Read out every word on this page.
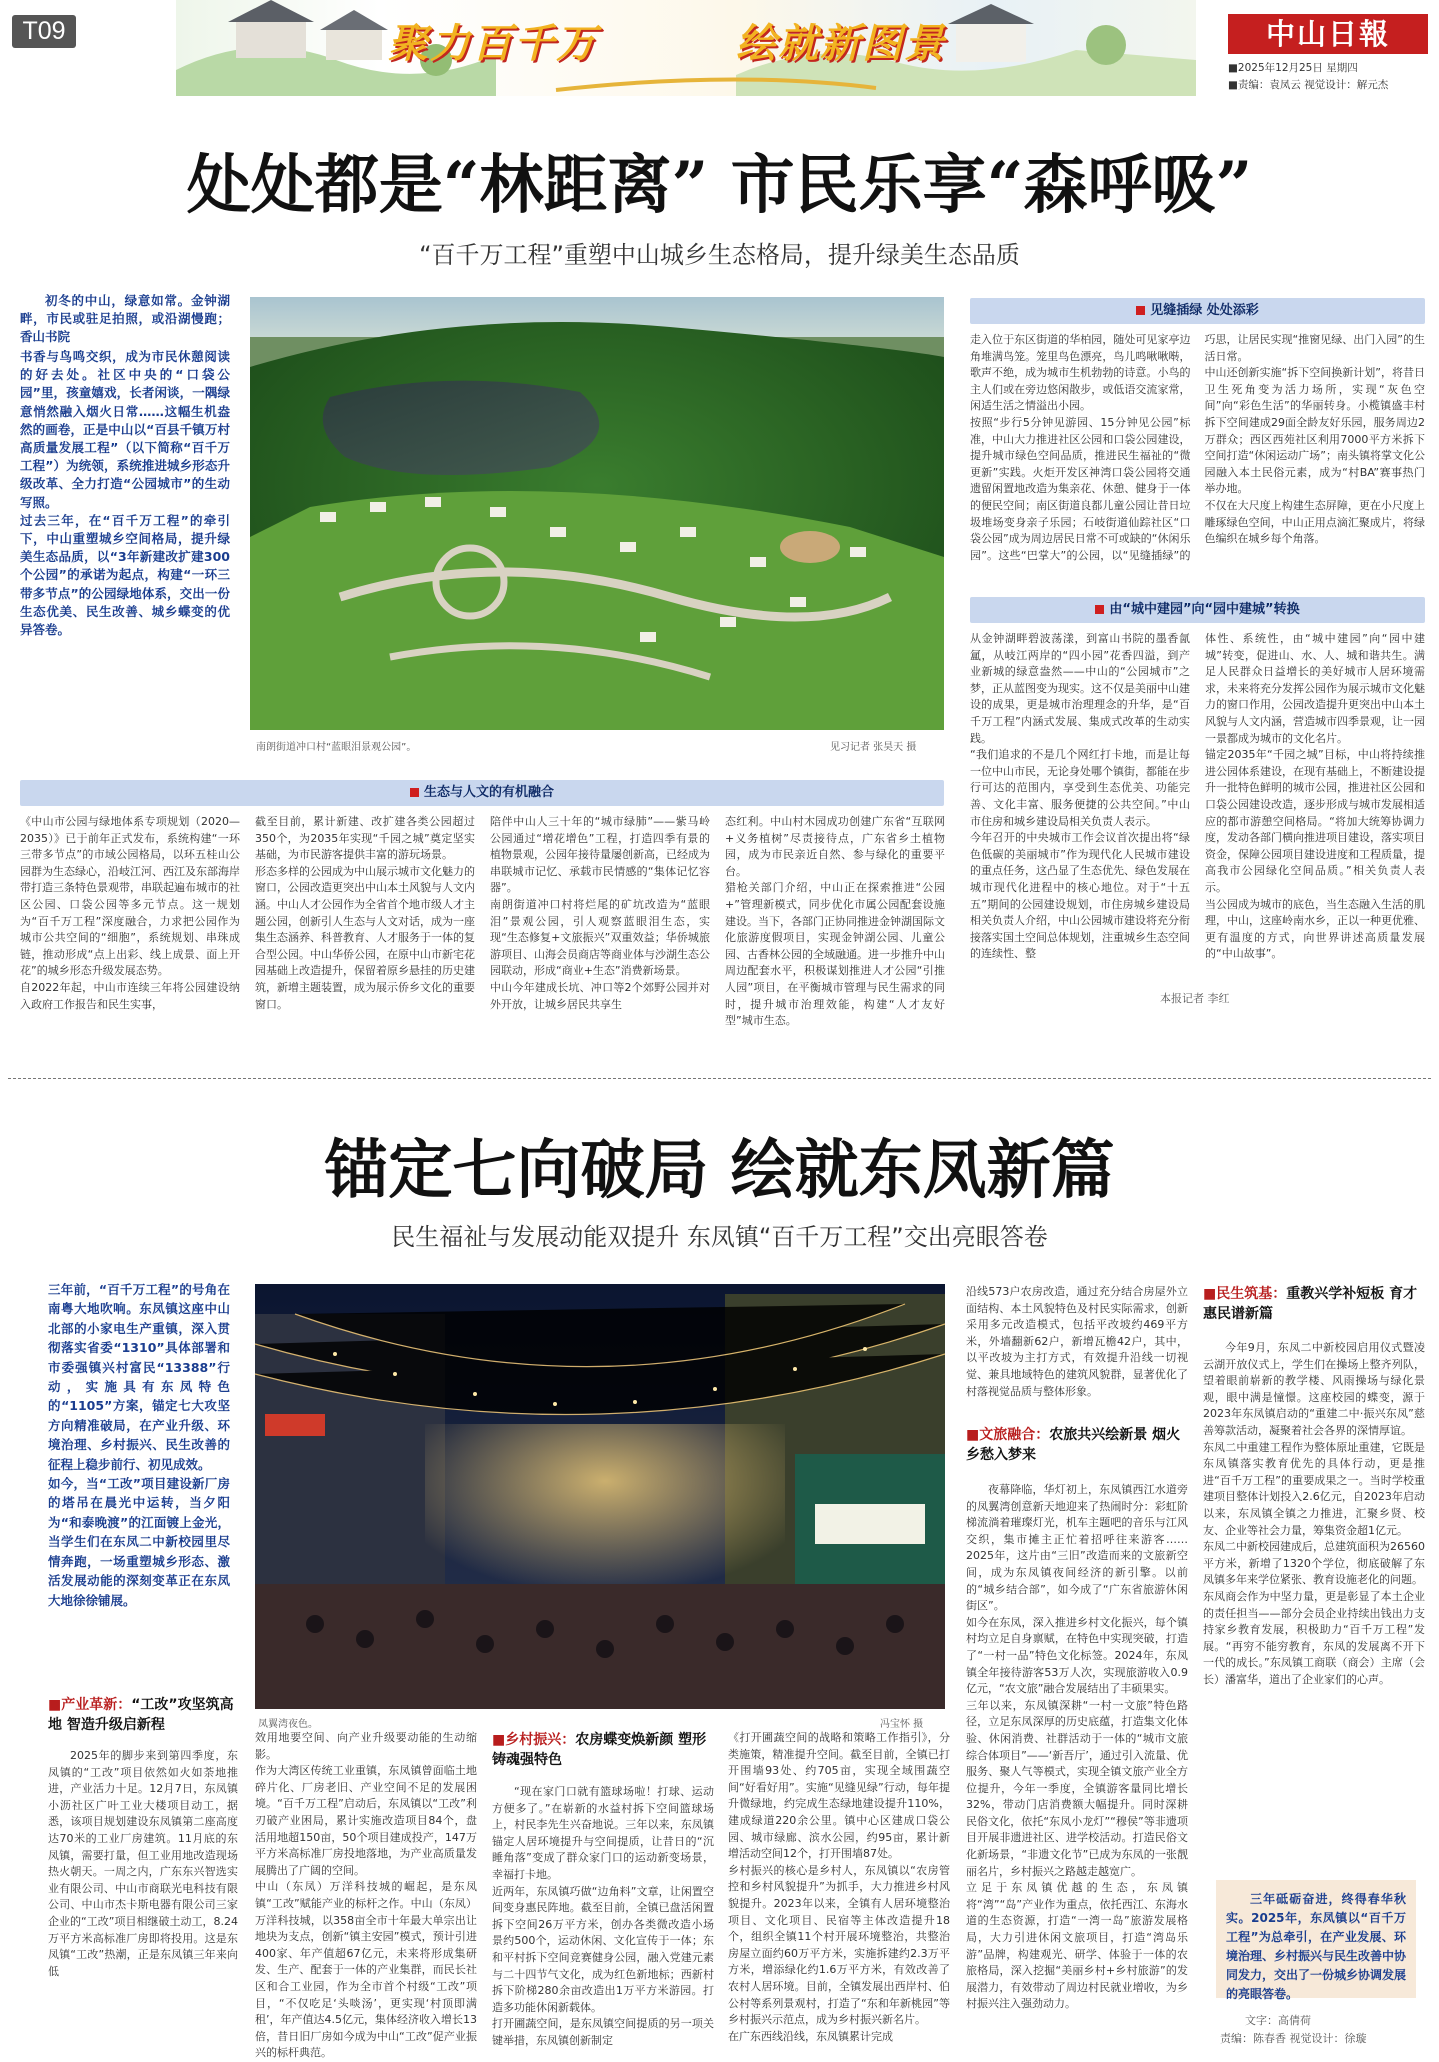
T09	聚力百千万	绘就新图景	中山日報
■2025年12月25日 星期四
■责编：袁凤云 视觉设计：解元杰
处处都是“林距离” 市民乐享“森呼吸”
“百千万工程”重塑中山城乡生态格局，提升绿美生态品质
初冬的中山，绿意如常。金钟湖畔，市民或驻足拍照，或沿湖慢跑；香山书院
书香与鸟鸣交织，成为市民休憩阅读的好去处。社区中央的“口袋公园”里，孩童嬉戏，长者闲谈，一隅绿意悄然融入烟火日常……这幅生机盎然的画卷，正是中山以“百县千镇万村高质量发展工程”（以下简称“百千万工程”）为统领，系统推进城乡形态升级改革、全力打造“公园城市”的生动写照。
过去三年，在“百千万工程”的牵引下，中山重塑城乡空间格局，提升绿美生态品质，以“3年新建改扩建300个公园”的承诺为起点，构建“一环三带多节点”的公园绿地体系，交出一份生态优美、民生改善、城乡蝶变的优异答卷。
南朗街道冲口村“蓝眼泪景观公园”。	见习记者 张昊天 摄
见缝插绿 处处添彩
走入位于东区街道的华柏园，随处可见家亭边角堆满鸟笼。笼里鸟色漂亮，鸟儿鸣啾啾啭，歌声不绝，成为城市生机勃勃的诗意。小鸟的主人们或在旁边悠闲散步，或低语交流家常，闲适生活之情溢出小园。
按照“步行5分钟见游园、15分钟见公园”标准，中山大力推进社区公园和口袋公园建设，提升城市绿色空间品质，推进民生福祉的“微更新”实践。火炬开发区神湾口袋公园将交通遗留闲置地改造为集亲花、休憩、健身于一体的便民空间；南区街道良都儿童公园让昔日垃圾堆场变身亲子乐园；石岐街道仙踪社区“口袋公园”成为周边居民日常不可或缺的“休闲乐园”。这些“巴掌大”的公园，以“见缝插绿”的巧思，让居民实现“推窗见绿、出门入园”的生活日常。
中山还创新实施“拆下空间换新计划”，将昔日卫生死角变为活力场所，实现“灰色空间”向“彩色生活”的华丽转身。小榄镇盛丰村拆下空间建成29面全龄友好乐园，服务周边2万群众；西区西苑社区利用7000平方米拆下空间打造“休闲运动广场”；南头镇将掌文化公园融入本土民俗元素，成为“村BA”赛事热门举办地。
不仅在大尺度上构建生态屏障，更在小尺度上雕琢绿色空间，中山正用点滴汇聚成片，将绿色编织在城乡每个角落。
由“城中建园”向“园中建城”转换
从金钟湖畔碧波荡漾，到富山书院的墨香氤氲，从岐江两岸的“四小园”花香四溢，到产业新城的绿意盎然——中山的“公园城市”之梦，正从蓝图变为现实。这不仅是美丽中山建设的成果，更是城市治理理念的升华，是“百千万工程”内涵式发展、集成式改革的生动实践。
“我们追求的不是几个网红打卡地，而是让每一位中山市民，无论身处哪个镇街，都能在步行可达的范围内，享受到生态优美、功能完善、文化丰富、服务便捷的公共空间。”中山市住房和城乡建设局相关负责人表示。
今年召开的中央城市工作会议首次提出将“绿色低碳的美丽城市”作为现代化人民城市建设的重点任务，这凸显了生态优先、绿色发展在城市现代化进程中的核心地位。对于“十五五”期间的公园建设规划，市住房城乡建设局相关负责人介绍，中山公园城市建设将充分衔接落实国土空间总体规划，注重城乡生态空间的连续性、整
体性、系统性，由“城中建园”向“园中建城”转变，促进山、水、人、城和谐共生。满足人民群众日益增长的美好城市人居环境需求，未来将充分发挥公园作为展示城市文化魅力的窗口作用，公园改造提升更突出中山本土风貌与人文内涵，营造城市四季景观，让一园一景都成为城市的文化名片。
锚定2035年“千园之城”目标，中山将持续推进公园体系建设，在现有基础上，不断建设提升一批特色鲜明的城市公园，推进社区公园和口袋公园建设改造，逐步形成与城市发展相适应的都市游憩空间格局。“将加大统筹协调力度，发动各部门横向推进项目建设，落实项目资金，保障公园项目建设进度和工程质量，提高我市公园绿化空间品质。”相关负责人表示。
当公园成为城市的底色，当生态融入生活的肌理，中山，这座岭南水乡，正以一种更优雅、更有温度的方式，向世界讲述高质量发展的“中山故事”。
生态与人文的有机融合
《中山市公园与绿地体系专项规划（2020—2035）》已于前年正式发布，系统构建“一环三带多节点”的市域公园格局，以环五桂山公园群为生态绿心，沿岐江河、西江及东部海岸带打造三条特色景观带，串联起遍布城市的社区公园、口袋公园等多元节点。这一规划为“百千万工程”深度融合，力求把公园作为城市公共空间的“细胞”，系统规划、串珠成链，推动形成“点上出彩、线上成景、面上开花”的城乡形态升级发展态势。
自2022年起，中山市连续三年将公园建设纳入政府工作报告和民生实事，
截至目前，累计新建、改扩建各类公园超过350个，为2035年实现“千园之城”奠定坚实基础，为市民游客提供丰富的游玩场景。
形态多样的公园成为中山展示城市文化魅力的窗口，公园改造更突出中山本土风貌与人文内涵。中山人才公园作为全省首个地市级人才主题公园，创新引人生态与人文对话，成为一座集生态涵养、科普教育、人才服务于一体的复合型公园。中山华侨公园，在原中山市新宅花园基础上改造提升，保留着原乡悬挂的历史建筑，新增主题装置，成为展示侨乡文化的重要窗口。
陪伴中山人三十年的“城市绿肺”——紫马岭公园通过“增花增色”工程，打造四季有景的植物景观，公园年接待量屡创新高，已经成为串联城市记忆、承载市民情感的“集体记忆容器”。
南朗街道冲口村将烂尾的矿坑改造为“蓝眼泪”景观公园，引人观察蓝眼泪生态，实现“生态修复+文旅振兴”双重效益；华侨城旅游项目、山海会员商店等商业体与沙湖生态公园联动，形成“商业+生态”消费新场景。
中山今年建成长坑、冲口等2个郊野公园并对外开放，让城乡居民共享生
态红利。中山村木园成功创建广东省“互联网+义务植树”尽责接待点，广东省乡土植物园，成为市民亲近自然、参与绿化的重要平台。
猎枪关部门介绍，中山正在探索推进“公园+”管理新模式，同步优化市属公园配套设施建设。当下，各部门正协同推进金钟湖国际文化旅游度假项目，实现金钟湖公园、儿童公园、古香林公园的全域融通。进一步推升中山周边配套水平，积极谋划推进人才公园“引推人园”项目，在平衡城市管理与民生需求的同时，提升城市治理效能，构建“人才友好型”城市生态。
本报记者 李红
锚定七向破局 绘就东凤新篇
民生福祉与发展动能双提升 东凤镇“百千万工程”交出亮眼答卷
三年前，“百千万工程”的号角在南粤大地吹响。东凤镇这座中山北部的小家电生产重镇，深入贯彻落实省委“1310”具体部署和市委强镇兴村富民“13388”行动，实施具有东凤特色的“1105”方案，锚定七大攻坚方向精准破局，在产业升级、环境治理、乡村振兴、民生改善的征程上稳步前行、初见成效。
如今，当“工改”项目建设新厂房的塔吊在晨光中运转，当夕阳为“和泰晚渡”的江面镀上金光，当学生们在东凤二中新校园里尽情奔跑，一场重塑城乡形态、激活发展动能的深刻变革正在东凤大地徐徐铺展。
凤翼湾夜色。	冯宝怀 摄
■产业革新：“工改”攻坚筑高地 智造升级启新程
2025年的脚步来到第四季度，东凤镇的“工改”项目依然如火如荼地推进，产业活力十足。12月7日，东凤镇小沥社区广叶工业大楼项目动工，据悉，该项目规划建设东凤镇第二座高度达70米的工业厂房建筑。11月底的东凤镇，需要打量，但工业用地改造现场热火朝天。一周之内，广东东兴智选实业有限公司、中山市商联光电科技有限公司、中山市杰卡斯电器有限公司三家企业的“工改”项目相继破土动工，8.24万平方米高标准厂房即将投用。这是东凤镇“工改”热潮，正是东凤镇三年来向低
效用地要空间、向产业升级要动能的生动缩影。
作为大湾区传统工业重镇，东凤镇曾面临土地碎片化、厂房老旧、产业空间不足的发展困境。“百千万工程”启动后，东凤镇以“工改”利刃破产业困局，累计实施改造项目84个，盘活用地超150亩，50个项目建成投产，147万平方米高标准厂房投地落地，为产业高质量发展腾出了广阔的空间。
中山（东凤）万洋科技城的崛起，是东凤镇“工改”赋能产业的标杆之作。中山（东凤）万洋科技城，以358亩全市十年最大单宗出让地块为支点，创新“镇主安园”模式，预计引进400家、年产值超67亿元，未来将形成集研发、生产、配套于一体的产业集群，而民长社区和合工业园，作为全市首个村级“工改”项目，“不仅吃足‘头啖汤’，更实现‘村顶即满租’，年产值达4.5亿元，集体经济收入增长13倍，昔日旧厂房如今成为中山“工改”促产业振兴的标杆典范。
■乡村振兴：农房蝶变焕新颜 塑形铸魂强特色
“现在家门口就有篮球场啦！打球、运动方便多了。”在崭新的水益村拆下空间篮球场上，村民李先生兴奋地说。三年以来，东凤镇锚定人居环境提升与空间提质，让昔日的“沉睡角落”变成了群众家门口的运动新变场景，幸福打卡地。
近两年，东凤镇巧做“边角料”文章，让闲置空间变身惠民阵地。截至目前，全镇已盘活闲置拆下空间26万平方米，创办各类微改造小场景约500个，运动休闲、文化宣传于一体；东和平村拆下空间竞赛健身公园，融入党建元素与二十四节气文化，成为红色新地标；西新村拆下阶梯280余亩改造出1万平方米游园。打造多功能休闲新载体。
打开圃蔬空间，是东凤镇空间提质的另一项关键举措，东凤镇创新制定
《打开圃蔬空间的战略和策略工作指引》，分类施策，精准提升空间。截至目前，全镇已打开围墙93处、约705亩，实现全域围蔬空间“好看好用”。实施“见缝见绿”行动，每年提升微绿地，约完成生态绿地建设提升110%，建成绿道220余公里。镇中心区建成口袋公园、城市绿廊、滨水公园，约95亩，累计新增活动空间12个，打开围墙87处。
乡村振兴的核心是乡村人，东凤镇以“农房管控和乡村风貌提升”为抓手，大力推进乡村风貌提升。2023年以来，全镇有人居环境整治项目、文化项目、民宿等主体改造提升18个，组织全镇11个村开展环境整治，共整治房屋立面约60万平方米，实施拆建约2.3万平方米，增添绿化约1.6万平方米，有效改善了农村人居环境。目前，全镇发展出西岸村、伯公村等系列景观村，打造了“东和年新桃园”等乡村振兴示范点，成为乡村振兴新名片。
在广东西线沿线，东凤镇累计完成
沿线573户农房改造，通过充分结合房屋外立面结构、本土风貌特色及村民实际需求，创新采用多元改造模式，包括平改坡约469平方米，外墙翻新62户，新增瓦檐42户，其中，以平改坡为主打方式，有效提升沿线一切视觉、兼具地域特色的建筑风貌群，显著优化了村落视觉品质与整体形象。
■文旅融合：农旅共兴绘新景 烟火乡愁入梦来
夜幕降临，华灯初上，东凤镇西江水道旁的凤翼湾创意新天地迎来了热闹时分：彩虹阶梯流淌着璀璨灯光，机车主题吧的音乐与江风交织，集市摊主正忙着招呼往来游客……2025年，这片由“三旧”改造而来的文旅新空间，成为东凤镇夜间经济的新引擎。以前的“城乡结合部”，如今成了“广东省旅游休闲街区”。
如今在东凤，深入推进乡村文化振兴，每个镇村均立足自身禀赋，在特色中实现突破，打造了“一村一品”特色文化标签。2024年，东凤镇全年接待游客53万人次，实现旅游收入0.9亿元，“农文旅”融合发展结出了丰硕果实。
三年以来，东凤镇深耕“一村一文旅”特色路径，立足东凤深厚的历史底蕴，打造集文化体验、休闲消费、社群活动于一体的“城市文旅综合体项目”——‘新吾厅’，通过引入流量、优服务、聚人气等模式，实现全镇文旅产业全方位提升，今年一季度，全镇游客量同比增长32%，带动门店消费额大幅提升。同时深耕民俗文化，依托“东凤小龙灯”“穆侯”等非遗项目开展非遗进社区、进学校活动。打造民俗文化新场景，“非遗文化节”已成为东凤的一张靓丽名片，乡村振兴之路越走越宽广。
立足于东凤镇优越的生态，东凤镇将“湾”“岛”产业作为重点，依托西江、东海水道的生态资源，打造“一湾一岛”旅游发展格局，大力引进休闲文旅项目，打造“湾岛乐游”品牌，构建观光、研学、体验于一体的农旅格局，深入挖掘“美丽乡村+乡村旅游”的发展潜力，有效带动了周边村民就业增收，为乡村振兴注入强劲动力。
■民生筑基：重教兴学补短板 育才惠民谱新篇
今年9月，东凤二中新校园启用仪式暨凌云湖开放仪式上，学生们在操场上整齐列队，望着眼前崭新的教学楼、风雨操场与绿化景观，眼中满是憧憬。这座校园的蝶变，源于2023年东凤镇启动的“重建二中·振兴东凤”慈善筹款活动，凝聚着社会各界的深情厚谊。
东凤二中重建工程作为整体原址重建，它既是东凤镇落实教育优先的具体行动，更是推进“百千万工程”的重要成果之一。当时学校重建项目整体计划投入2.6亿元，自2023年启动以来，东凤镇全镇之力推进，汇聚乡贤、校友、企业等社会力量，筹集资金超1亿元。
东凤二中新校园建成后，总建筑面积为26560平方米，新增了1320个学位，彻底破解了东凤镇多年来学位紧张、教育设施老化的问题。
东凤商会作为中坚力量，更是彰显了本土企业的责任担当——部分会员企业持续出钱出力支持家乡教育发展，积极助力“百千万工程”发展。“再穷不能穷教育，东凤的发展离不开下一代的成长。”东凤镇工商联（商会）主席（会长）潘富华，道出了企业家们的心声。
三年砥砺奋进，终得春华秋实。2025年，东凤镇以“百千万工程”为总牵引，在产业发展、环境治理、乡村振兴与民生改善中协同发力，交出了一份城乡协调发展的亮眼答卷。
文字：高倩荷
责编：陈春香 视觉设计：徐璇
